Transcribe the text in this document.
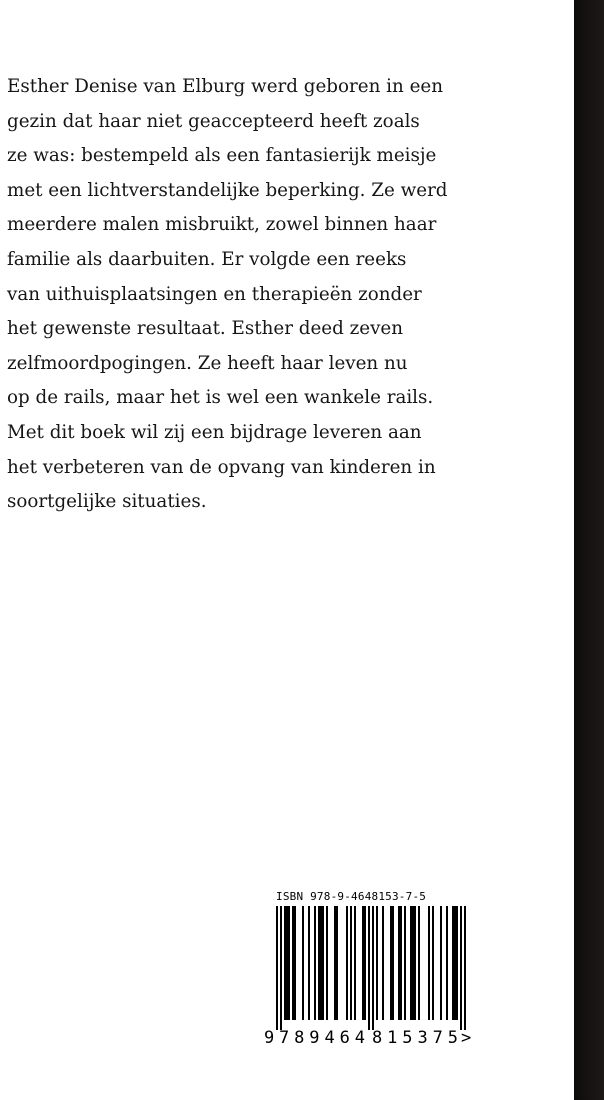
Esther Denise van Elburg werd geboren in een
gezin dat haar niet geaccepteerd heeft zoals
ze was: bestempeld als een fantasierijk meisje
met een lichtverstandelijke beperking. Ze werd
meerdere malen misbruikt, zowel binnen haar
familie als daarbuiten. Er volgde een reeks
van uithuisplaatsingen en therapieën zonder
het gewenste resultaat. Esther deed zeven
zelfmoordpogingen. Ze heeft haar leven nu
op de rails, maar het is wel een wankele rails.
Met dit boek wil zij een bijdrage leveren aan
het verbeteren van de opvang van kinderen in
soortgelijke situaties.
ISBN 978-9-4648153-7-5
9 789464 815375 >
